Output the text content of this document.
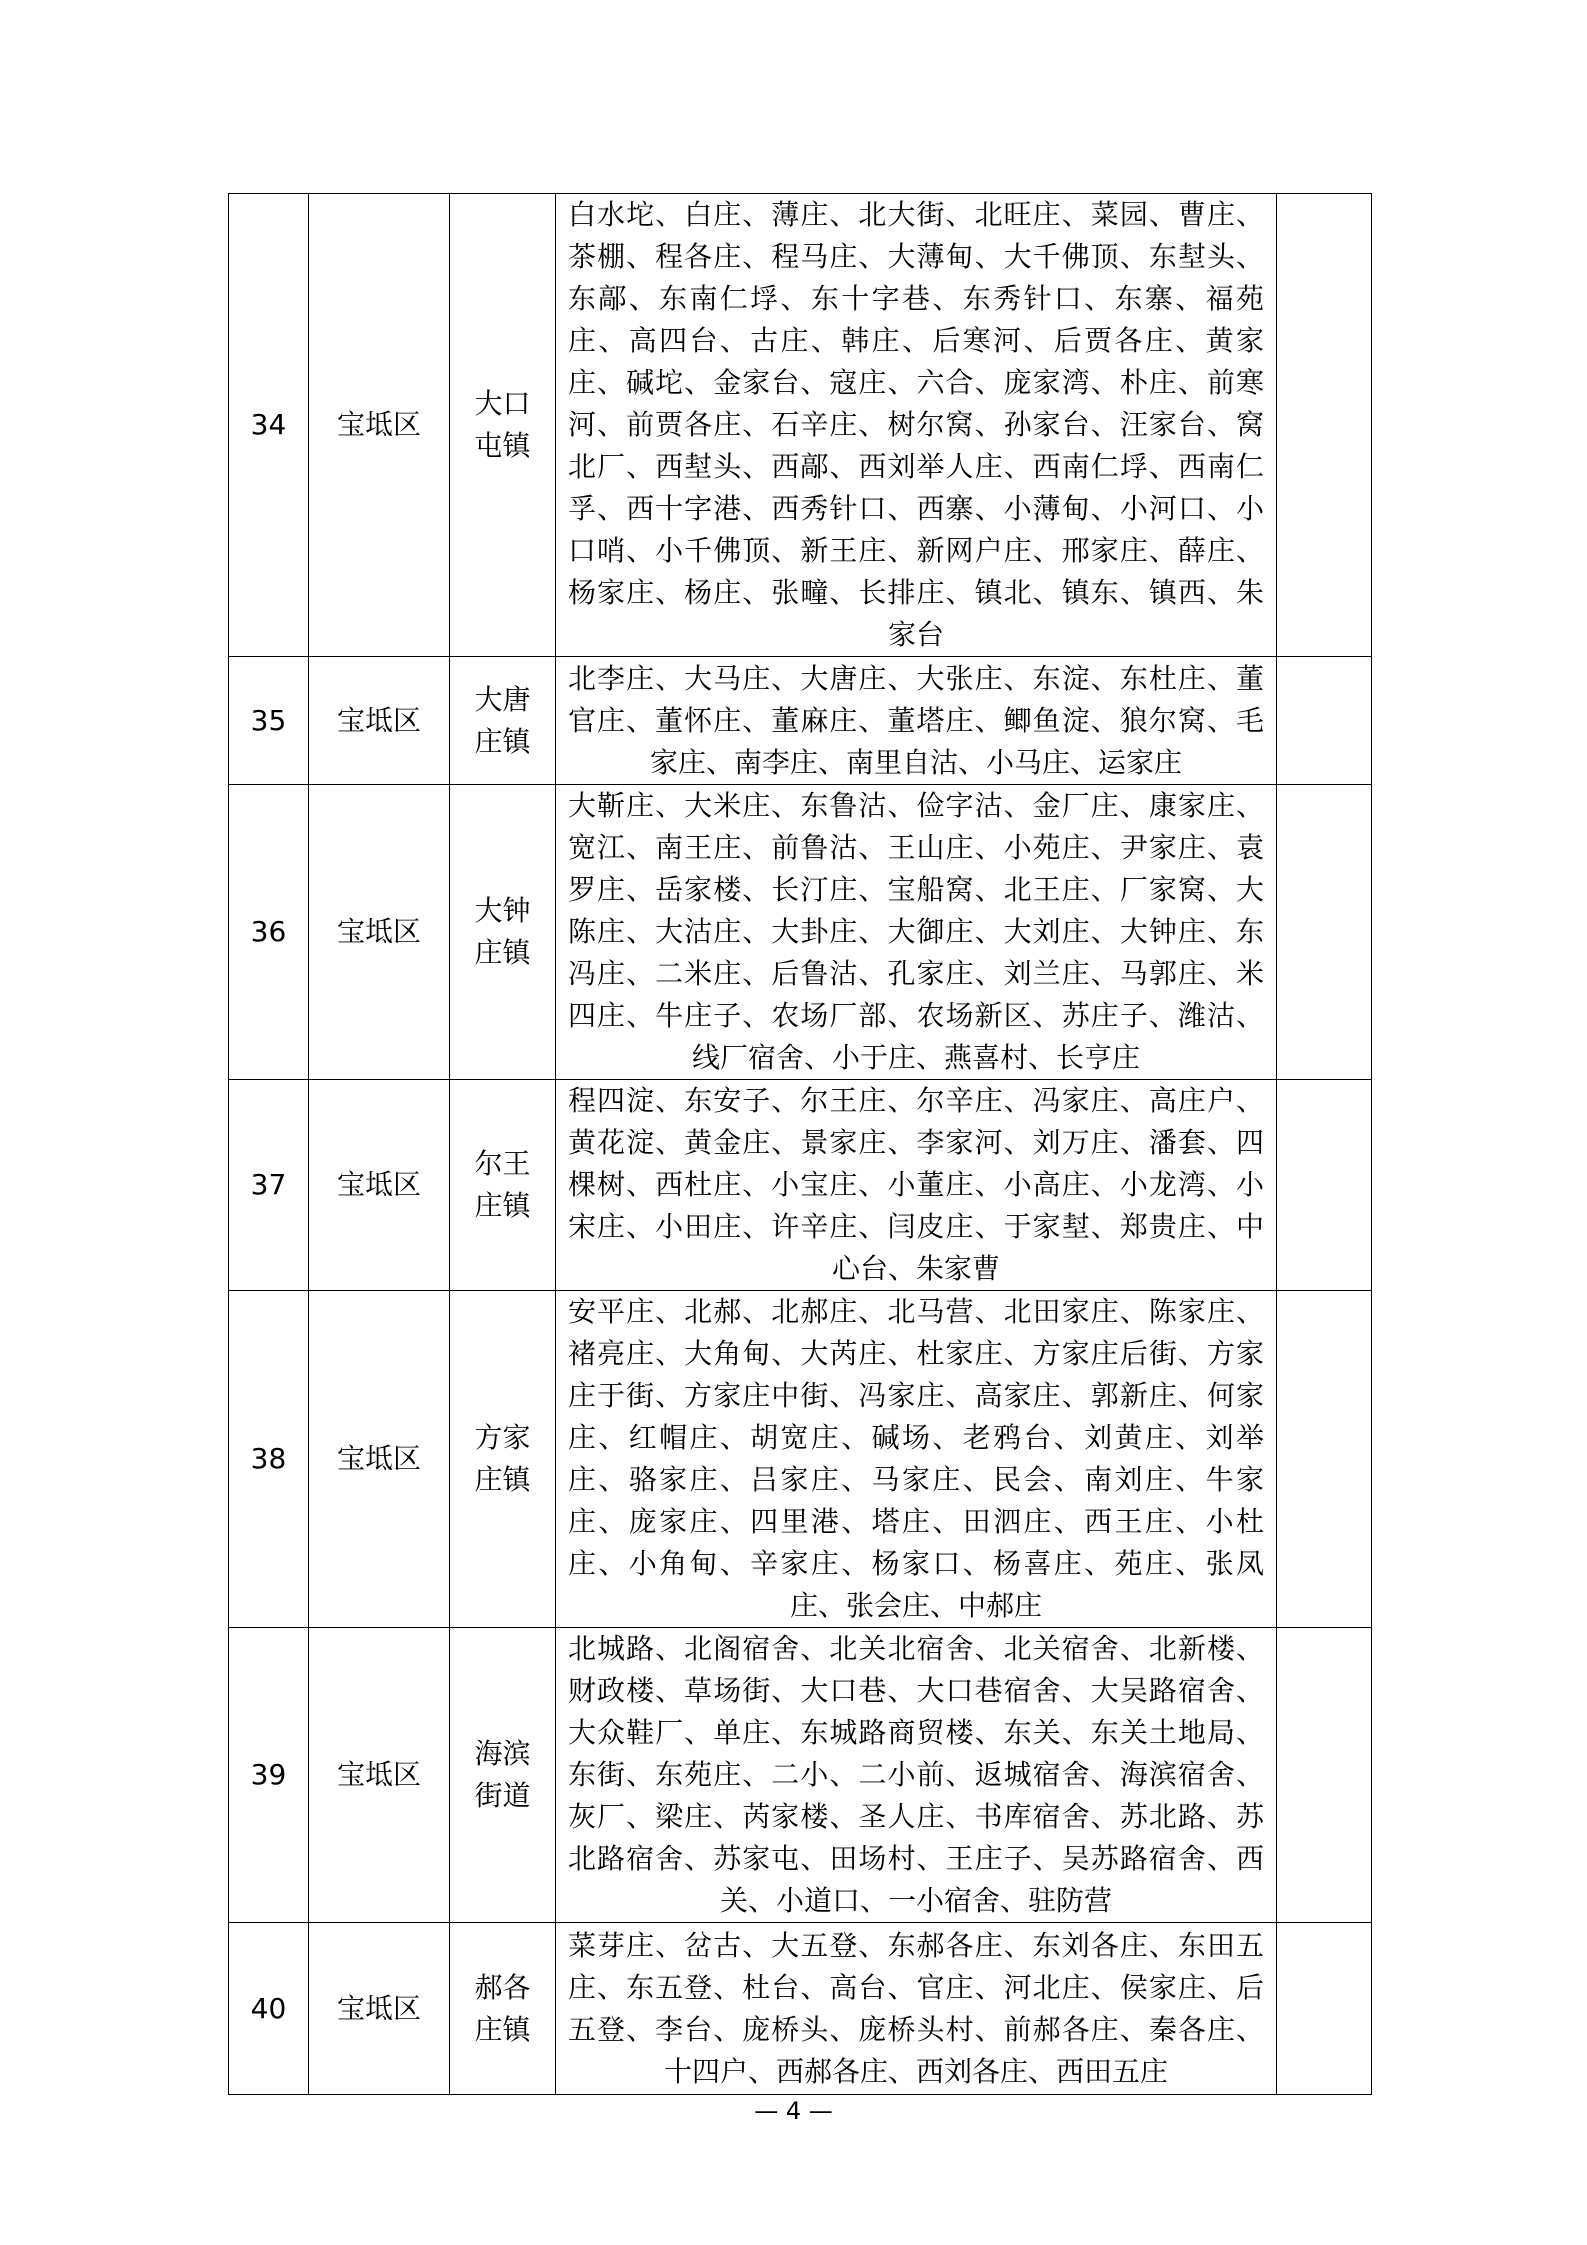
34	宝坻区	大口屯镇	白水坨、白庄、薄庄、北大街、北旺庄、菜园、曹庄、茶棚、程各庄、程马庄、大薄甸、大千佛顶、东堼头、东鄗、东南仁垺、东十字巷、东秀针口、东寨、福苑庄、高四台、古庄、韩庄、后寒河、后贾各庄、黄家庄、碱坨、金家台、寇庄、六合、庞家湾、朴庄、前寒河、前贾各庄、石辛庄、树尔窝、孙家台、汪家台、窝北厂、西堼头、西鄗、西刘举人庄、西南仁垺、西南仁孚、西十字港、西秀针口、西寨、小薄甸、小河口、小口哨、小千佛顶、新王庄、新网户庄、邢家庄、薛庄、杨家庄、杨庄、张疃、长排庄、镇北、镇东、镇西、朱家台	

35	宝坻区	大唐庄镇	北李庄、大马庄、大唐庄、大张庄、东淀、东杜庄、董官庄、董怀庄、董麻庄、董塔庄、鲫鱼淀、狼尔窝、毛家庄、南李庄、南里自沽、小马庄、运家庄	

36	宝坻区	大钟庄镇	大靳庄、大米庄、东鲁沽、俭字沽、金厂庄、康家庄、宽江、南王庄、前鲁沽、王山庄、小苑庄、尹家庄、袁罗庄、岳家楼、长汀庄、宝船窝、北王庄、厂家窝、大陈庄、大沽庄、大卦庄、大御庄、大刘庄、大钟庄、东冯庄、二米庄、后鲁沽、孔家庄、刘兰庄、马郭庄、米四庄、牛庄子、农场厂部、农场新区、苏庄子、潍沽、线厂宿舍、小于庄、燕喜村、长亨庄	

37	宝坻区	尔王庄镇	程四淀、东安子、尔王庄、尔辛庄、冯家庄、高庄户、黄花淀、黄金庄、景家庄、李家河、刘万庄、潘套、四棵树、西杜庄、小宝庄、小董庄、小高庄、小龙湾、小宋庄、小田庄、许辛庄、闫皮庄、于家堼、郑贵庄、中心台、朱家曹	

38	宝坻区	方家庄镇	安平庄、北郝、北郝庄、北马营、北田家庄、陈家庄、褚亮庄、大角甸、大芮庄、杜家庄、方家庄后街、方家庄于街、方家庄中街、冯家庄、高家庄、郭新庄、何家庄、红帽庄、胡宽庄、碱场、老鸦台、刘黄庄、刘举庄、骆家庄、吕家庄、马家庄、民会、南刘庄、牛家庄、庞家庄、四里港、塔庄、田泗庄、西王庄、小杜庄、小角甸、辛家庄、杨家口、杨喜庄、苑庄、张凤庄、张会庄、中郝庄	

39	宝坻区	海滨街道	北城路、北阁宿舍、北关北宿舍、北关宿舍、北新楼、财政楼、草场街、大口巷、大口巷宿舍、大吴路宿舍、大众鞋厂、单庄、东城路商贸楼、东关、东关土地局、东街、东苑庄、二小、二小前、返城宿舍、海滨宿舍、灰厂、梁庄、芮家楼、圣人庄、书库宿舍、苏北路、苏北路宿舍、苏家屯、田场村、王庄子、吴苏路宿舍、西关、小道口、一小宿舍、驻防营	

40	宝坻区	郝各庄镇	菜芽庄、岔古、大五登、东郝各庄、东刘各庄、东田五庄、东五登、杜台、高台、官庄、河北庄、侯家庄、后五登、李台、庞桥头、庞桥头村、前郝各庄、秦各庄、十四户、西郝各庄、西刘各庄、西田五庄	

— 4 —
